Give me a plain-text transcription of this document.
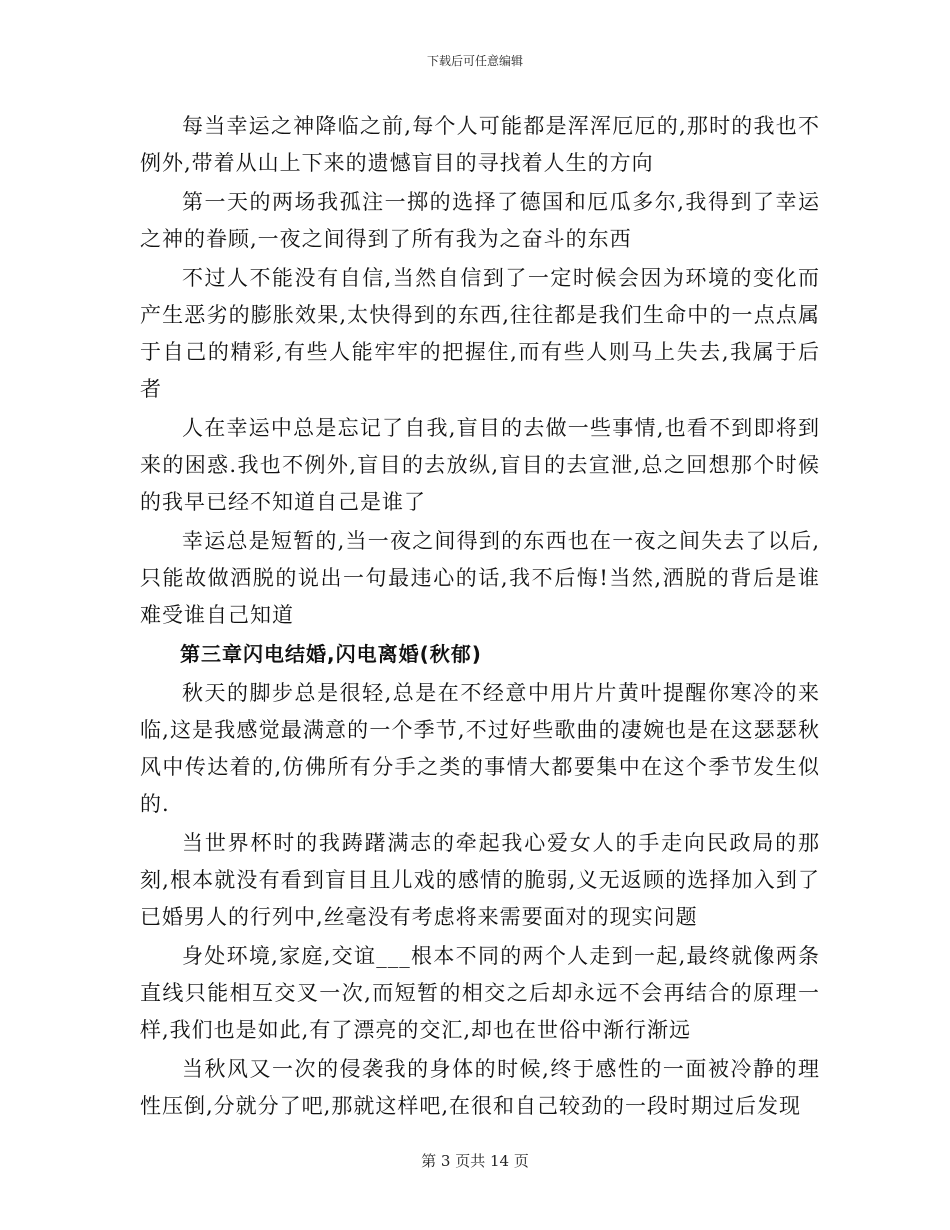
下载后可任意编辑

每当幸运之神降临之前,每个人可能都是浑浑厄厄的,那时的我也不例外,带着从山上下来的遗憾盲目的寻找着人生的方向

第一天的两场我孤注一掷的选择了德国和厄瓜多尔,我得到了幸运之神的眷顾,一夜之间得到了所有我为之奋斗的东西

不过人不能没有自信,当然自信到了一定时候会因为环境的变化而产生恶劣的膨胀效果,太快得到的东西,往往都是我们生命中的一点点属于自己的精彩,有些人能牢牢的把握住,而有些人则马上失去,我属于后者

人在幸运中总是忘记了自我,盲目的去做一些事情,也看不到即将到来的困惑.我也不例外,盲目的去放纵,盲目的去宣泄,总之回想那个时候的我早已经不知道自己是谁了

幸运总是短暂的,当一夜之间得到的东西也在一夜之间失去了以后,只能故做洒脱的说出一句最违心的话,我不后悔!当然,洒脱的背后是谁难受谁自己知道

第三章闪电结婚,闪电离婚(秋郁)

秋天的脚步总是很轻,总是在不经意中用片片黄叶提醒你寒冷的来临,这是我感觉最满意的一个季节,不过好些歌曲的凄婉也是在这瑟瑟秋风中传达着的,仿佛所有分手之类的事情大都要集中在这个季节发生似的.

当世界杯时的我踌躇满志的牵起我心爱女人的手走向民政局的那刻,根本就没有看到盲目且儿戏的感情的脆弱,义无返顾的选择加入到了已婚男人的行列中,丝毫没有考虑将来需要面对的现实问题

身处环境,家庭,交谊___根本不同的两个人走到一起,最终就像两条直线只能相互交叉一次,而短暂的相交之后却永远不会再结合的原理一样,我们也是如此,有了漂亮的交汇,却也在世俗中渐行渐远

当秋风又一次的侵袭我的身体的时候,终于感性的一面被冷静的理性压倒,分就分了吧,那就这样吧,在很和自己较劲的一段时期过后发现

第 3 页共 14 页
